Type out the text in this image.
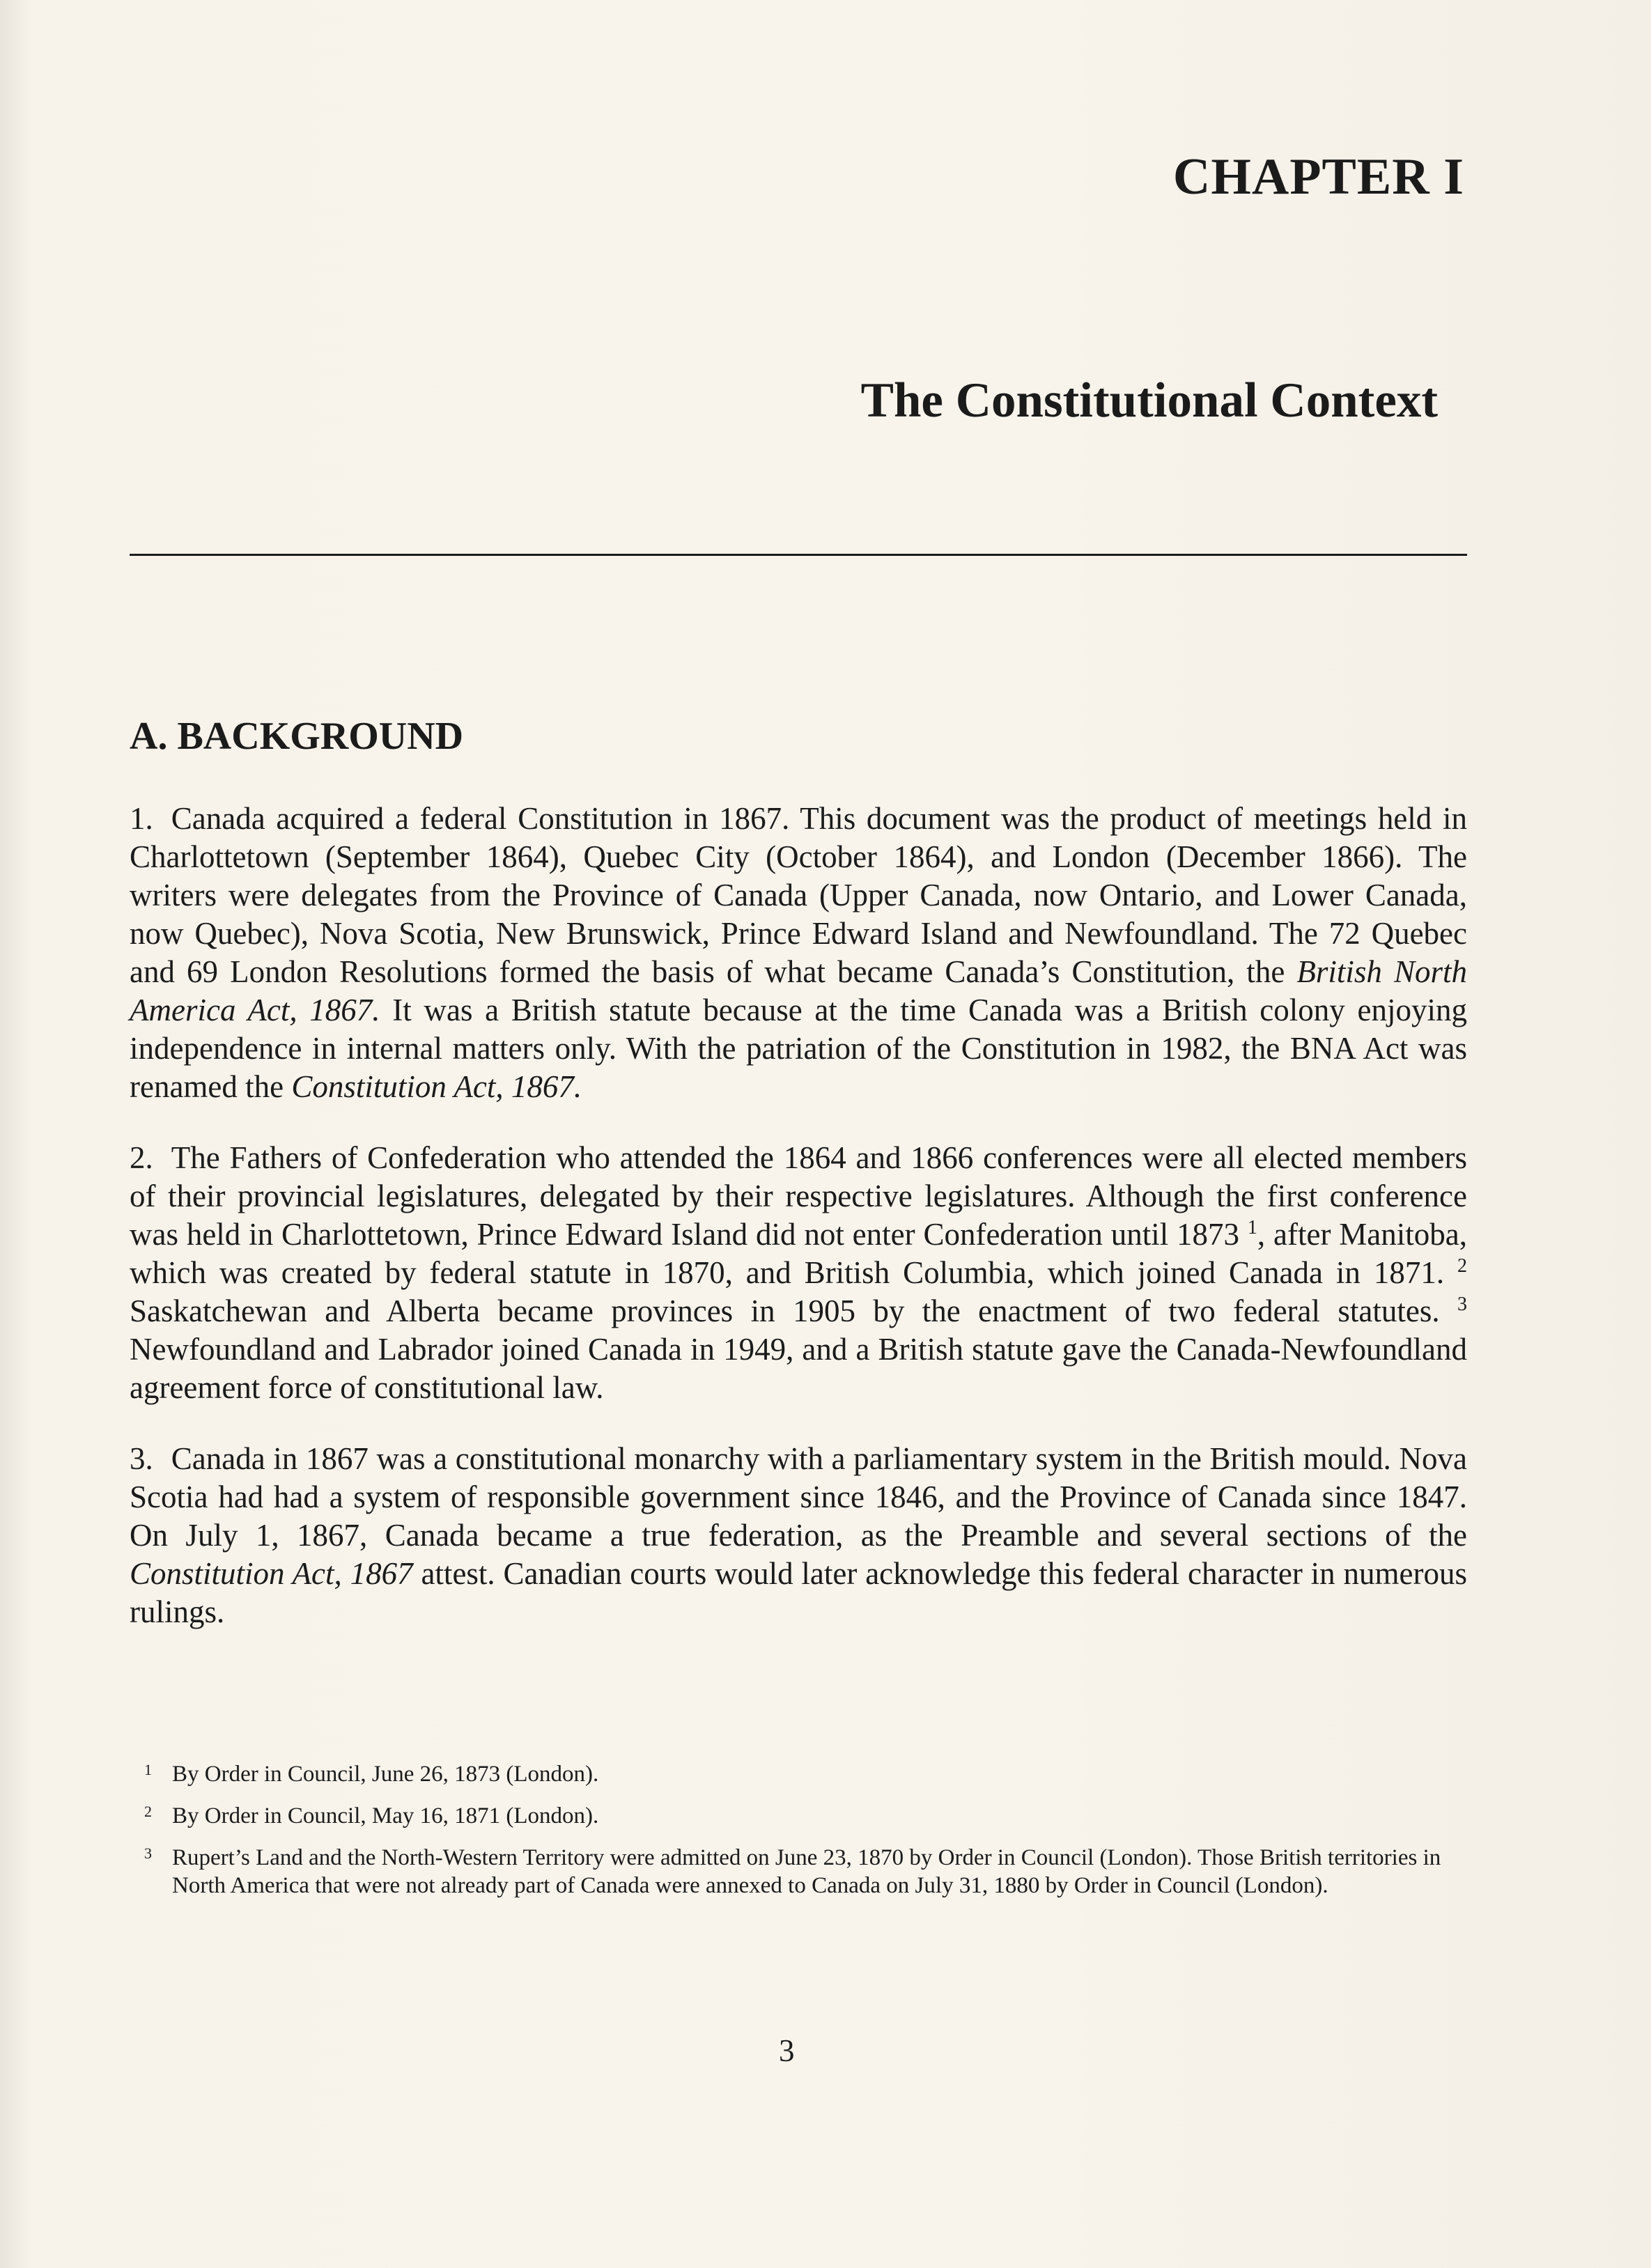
CHAPTER I
The Constitutional Context
A. BACKGROUND

1. Canada acquired a federal Constitution in 1867. This document was the product of meetings held in Charlottetown (September 1864), Quebec City (October 1864), and London (December 1866). The writers were delegates from the Province of Canada (Upper Canada, now Ontario, and Lower Canada, now Quebec), Nova Scotia, New Brunswick, Prince Edward Island and Newfoundland. The 72 Quebec and 69 London Resolutions formed the basis of what became Canada’s Constitution, the British North America Act, 1867. It was a British statute because at the time Canada was a British colony enjoying independence in internal matters only. With the patriation of the Constitution in 1982, the BNA Act was renamed the Constitution Act, 1867.

2. The Fathers of Confederation who attended the 1864 and 1866 conferences were all elected members of their provincial legislatures, delegated by their respective legislatures. Although the first conference was held in Charlottetown, Prince Edward Island did not enter Confederation until 1873 $^1$, after Manitoba, which was created by federal statute in 1870, and British Columbia, which joined Canada in 1871. $^2$ Saskatchewan and Alberta became provinces in 1905 by the enactment of two federal statutes. $^3$ Newfoundland and Labrador joined Canada in 1949, and a British statute gave the Canada-Newfoundland agreement force of constitutional law.

3. Canada in 1867 was a constitutional monarchy with a parliamentary system in the British mould. Nova Scotia had had a system of responsible government since 1846, and the Province of Canada since 1847. On July 1, 1867, Canada became a true federation, as the Preamble and several sections of the Constitution Act, 1867 attest. Canadian courts would later acknowledge this federal character in numerous rulings.

1 By Order in Council, June 26, 1873 (London).
2 By Order in Council, May 16, 1871 (London).
3 Rupert’s Land and the North-Western Territory were admitted on June 23, 1870 by Order in Council (London). Those British territories in North America that were not already part of Canada were annexed to Canada on July 31, 1880 by Order in Council (London).

3
